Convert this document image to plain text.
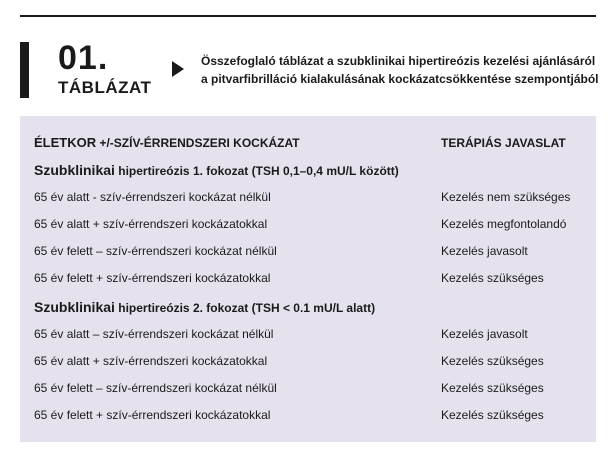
01.
TÁBLÁZAT
Összefoglaló táblázat a szubklinikai hipertireózis kezelési ajánlásáról
a pitvarfibrilláció kialakulásának kockázatcsökkentése szempontjából
ÉLETKOR +/-SZÍV-ÉRRENDSZERI KOCKÁZAT	TERÁPIÁS JAVASLAT
Szubklinikai hipertireózis 1. fokozat (TSH 0,1–0,4 mU/L között)
65 év alatt - szív-érrendszeri kockázat nélkül	Kezelés nem szükséges
65 év alatt + szív-érrendszeri kockázatokkal	Kezelés megfontolandó
65 év felett – szív-érrendszeri kockázat nélkül	Kezelés javasolt
65 év felett + szív-érrendszeri kockázatokkal	Kezelés szükséges
Szubklinikai hipertireózis 2. fokozat (TSH < 0.1 mU/L alatt)
65 év alatt – szív-érrendszeri kockázat nélkül	Kezelés javasolt
65 év alatt + szív-érrendszeri kockázatokkal	Kezelés szükséges
65 év felett – szív-érrendszeri kockázat nélkül	Kezelés szükséges
65 év felett + szív-érrendszeri kockázatokkal	Kezelés szükséges
